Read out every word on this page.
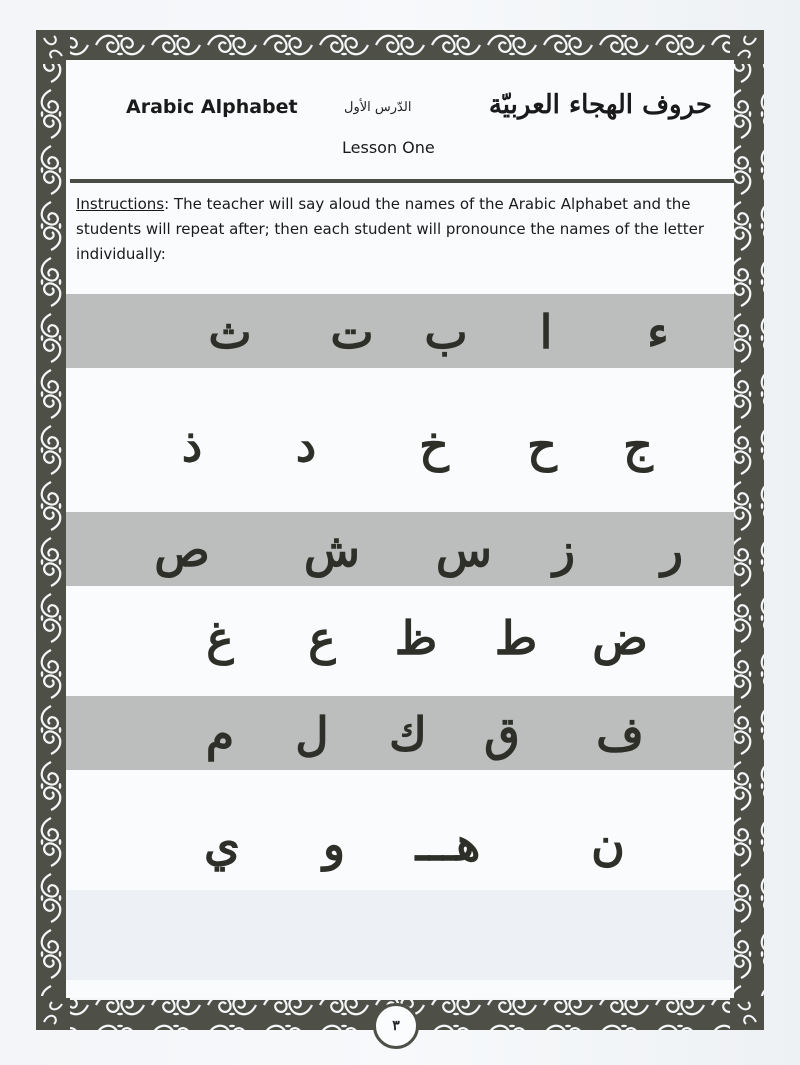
Arabic Alphabet	الدّرس الأول
Lesson One
حروف الهجاء العربيّة
Instructions: The teacher will say aloud the names of the Arabic Alphabet and the students will repeat after; then each student will pronounce the names of the letter individually:
ء
ا
ب
ت
ث
ج
ح
خ
د
ذ
ر
ز
س
ش
ص
ض
ط
ظ
ع
غ
ف
ق
ك
ل
م
ن
هـــ
و
ي
٣
